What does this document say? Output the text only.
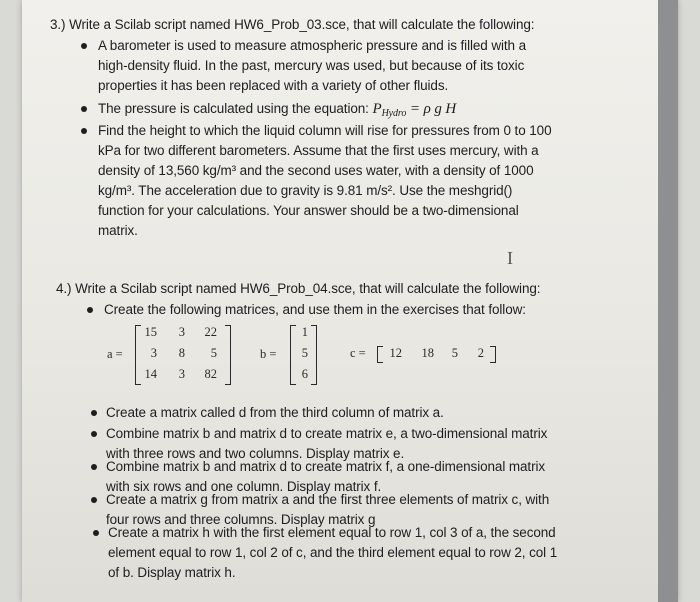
3.) Write a Scilab script named HW6_Prob_03.sce, that will calculate the following:
A barometer is used to measure atmospheric pressure and is filled with a
high-density fluid. In the past, mercury was used, but because of its toxic
properties it has been replaced with a variety of other fluids.
The pressure is calculated using the equation: $P_{Hydro} = \rho$ g H
Find the height to which the liquid column will rise for pressures from 0 to 100
kPa for two different barometers. Assume that the first uses mercury, with a
density of 13,560 kg/m³ and the second uses water, with a density of 1000
kg/m³. The acceleration due to gravity is 9.81 m/s². Use the meshgrid()
function for your calculations. Your answer should be a two-dimensional
matrix.
I
4.) Write a Scilab script named HW6_Prob_04.sce, that will calculate the following:
Create the following matrices, and use them in the exercises that follow:
a =
15	3	22
3	8	5
14	3	82
b =
1
5
6
c =	12	18	5	2
Create a matrix called d from the third column of matrix a.
Combine matrix b and matrix d to create matrix e, a two-dimensional matrix
with three rows and two columns. Display matrix e.
Combine matrix b and matrix d to create matrix f, a one-dimensional matrix
with six rows and one column. Display matrix f.
Create a matrix g from matrix a and the first three elements of matrix c, with
four rows and three columns. Display matrix g
Create a matrix h with the first element equal to row 1, col 3 of a, the second
element equal to row 1, col 2 of c, and the third element equal to row 2, col 1
of b. Display matrix h.
